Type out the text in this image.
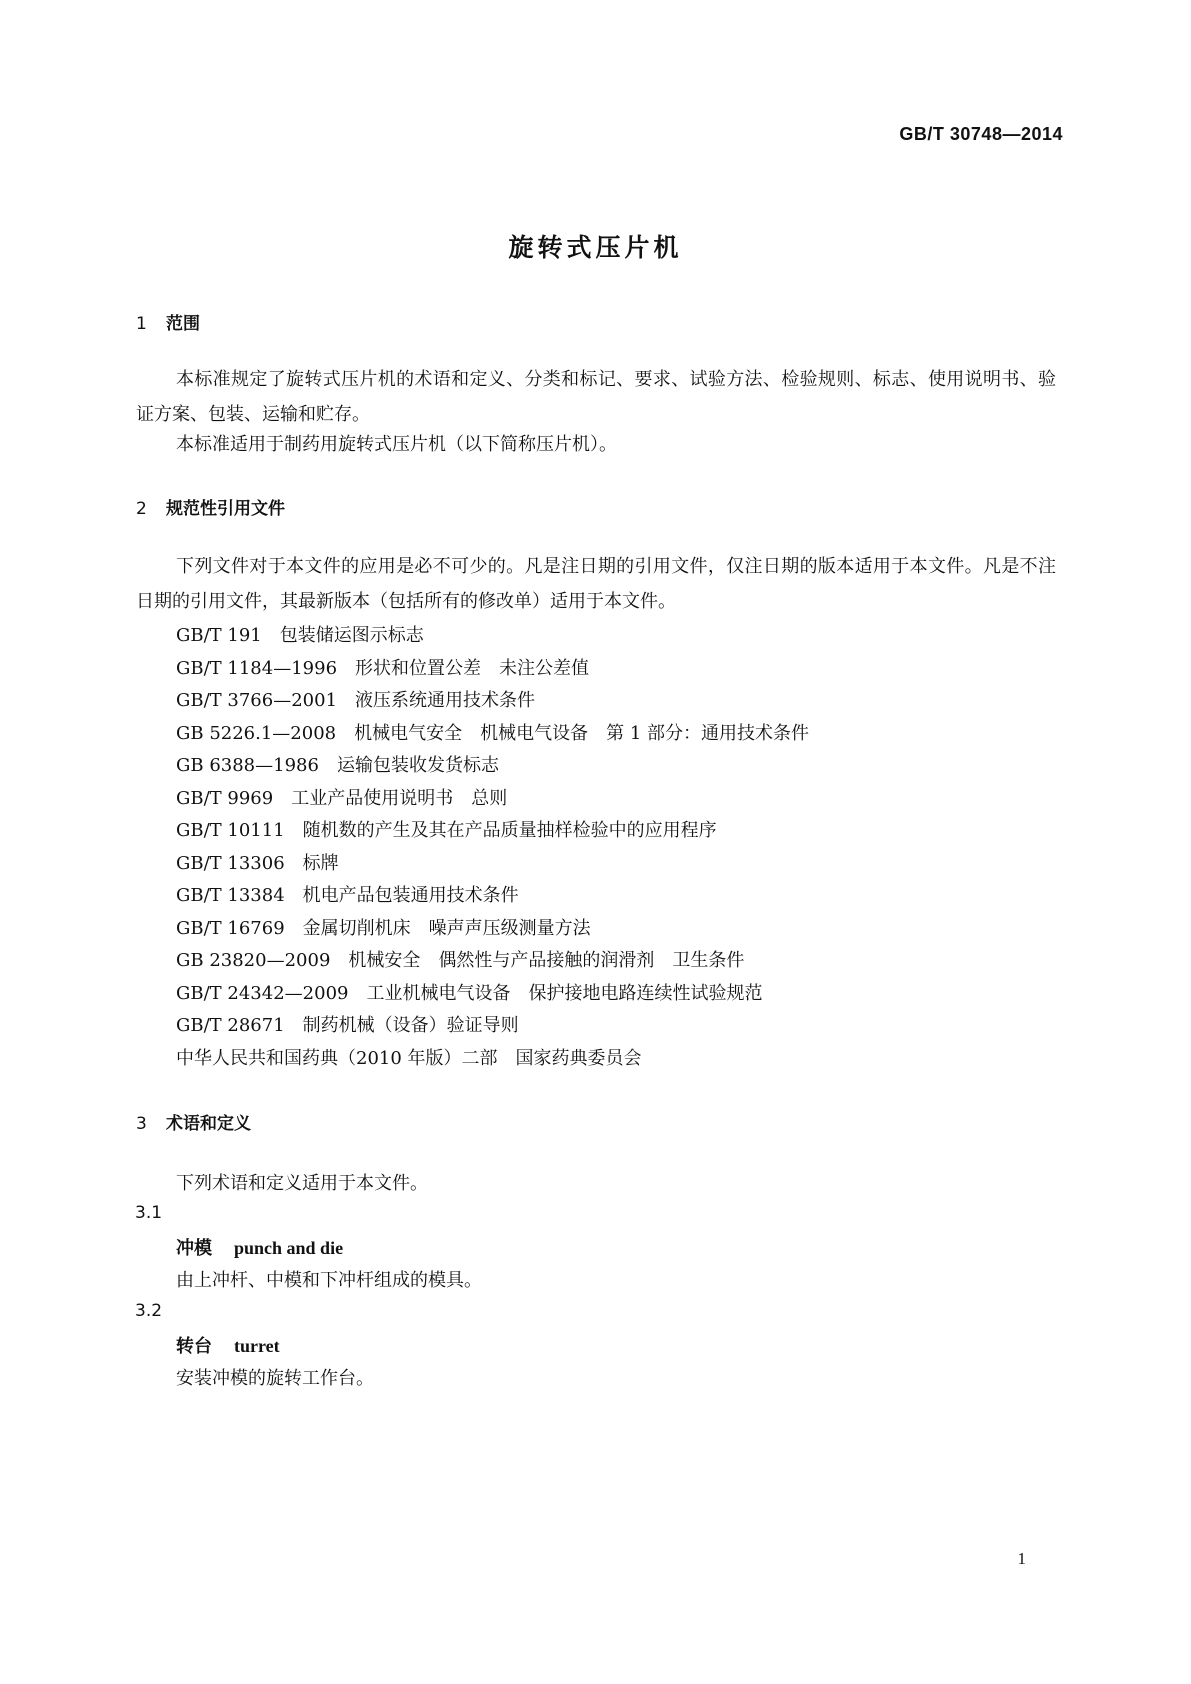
GB/T 30748—2014
旋转式压片机
1 范围
本标准规定了旋转式压片机的术语和定义、分类和标记、要求、试验方法、检验规则、标志、使用说明书、验证方案、包装、运输和贮存。
本标准适用于制药用旋转式压片机（以下简称压片机）。
2 规范性引用文件
下列文件对于本文件的应用是必不可少的。凡是注日期的引用文件，仅注日期的版本适用于本文件。凡是不注日期的引用文件，其最新版本（包括所有的修改单）适用于本文件。
GB/T 191　包装储运图示标志
GB/T 1184—1996　形状和位置公差　未注公差值
GB/T 3766—2001　液压系统通用技术条件
GB 5226.1—2008　机械电气安全　机械电气设备　第 1 部分：通用技术条件
GB 6388—1986　运输包装收发货标志
GB/T 9969　工业产品使用说明书　总则
GB/T 10111　随机数的产生及其在产品质量抽样检验中的应用程序
GB/T 13306　标牌
GB/T 13384　机电产品包装通用技术条件
GB/T 16769　金属切削机床　噪声声压级测量方法
GB 23820—2009　机械安全　偶然性与产品接触的润滑剂　卫生条件
GB/T 24342—2009　工业机械电气设备　保护接地电路连续性试验规范
GB/T 28671　制药机械（设备）验证导则
中华人民共和国药典（2010 年版）二部　国家药典委员会
3 术语和定义
下列术语和定义适用于本文件。
3.1
冲模 punch and die
由上冲杆、中模和下冲杆组成的模具。
3.2
转台 turret
安装冲模的旋转工作台。
1
